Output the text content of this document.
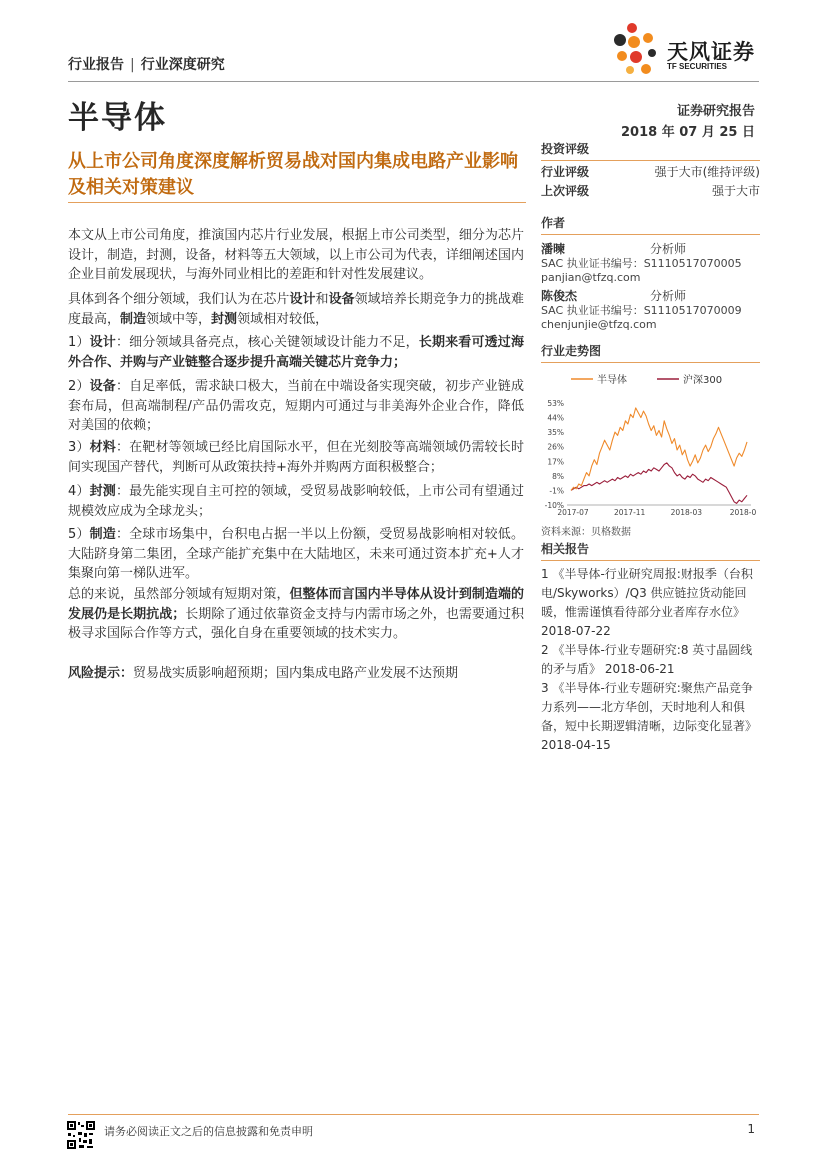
行业报告 | 行业深度研究
天风证券
TF SECURITIES
半导体	证券研究报告
2018 年 07 月 25 日
从上市公司角度深度解析贸易战对国内集成电路产业影响及相关对策建议
本文从上市公司角度，推演国内芯片行业发展，根据上市公司类型，细分为芯片设计，制造，封测，设备，材料等五大领域，以上市公司为代表，详细阐述国内企业目前发展现状，与海外同业相比的差距和针对性发展建议。
具体到各个细分领域，我们认为在芯片设计和设备领域培养长期竞争力的挑战难度最高，制造领域中等，封测领域相对较低，
1）设计：细分领域具备亮点，核心关键领域设计能力不足，长期来看可透过海外合作、并购与产业链整合逐步提升高端关键芯片竞争力；
2）设备：自足率低，需求缺口极大，当前在中端设备实现突破，初步产业链成套布局，但高端制程/产品仍需攻克，短期内可通过与非美海外企业合作，降低对美国的依赖；
3）材料：在靶材等领域已经比肩国际水平，但在光刻胶等高端领域仍需较长时间实现国产替代，判断可从政策扶持+海外并购两方面积极整合；
4）封测：最先能实现自主可控的领域，受贸易战影响较低，上市公司有望通过规模效应成为全球龙头；
5）制造：全球市场集中，台积电占据一半以上份额，受贸易战影响相对较低。大陆跻身第二集团，全球产能扩充集中在大陆地区，未来可通过资本扩充+人才集聚向第一梯队进军。
总的来说，虽然部分领域有短期对策，但整体而言国内半导体从设计到制造端的发展仍是长期抗战；长期除了通过依靠资金支持与内需市场之外，也需要通过积极寻求国际合作等方式，强化自身在重要领域的技术实力。
风险提示：贸易战实质影响超预期；国内集成电路产业发展不达预期
投资评级
行业评级	强于大市(维持评级)
上次评级	强于大市
作者
潘暕	分析师
SAC 执业证书编号：S1110517070005
panjian@tfzq.com
陈俊杰	分析师
SAC 执业证书编号：S1110517070009
chenjunjie@tfzq.com
行业走势图
半导体	沪深300
53%
44%
35%
26%
17%
8%
-1%
-10%
2017-07	2017-11	2018-03	2018-0
资料来源：贝格数据
相关报告
1 《半导体-行业研究周报:财报季（台积电/Skyworks）/Q3 供应链拉货动能回暖，惟需谨慎看待部分业者库存水位》 2018-07-22
2 《半导体-行业专题研究:8 英寸晶圆线的矛与盾》 2018-06-21
3 《半导体-行业专题研究:聚焦产品竞争力系列——北方华创，天时地利人和俱备，短中长期逻辑清晰，边际变化显著》 2018-04-15
请务必阅读正文之后的信息披露和免责申明	1
